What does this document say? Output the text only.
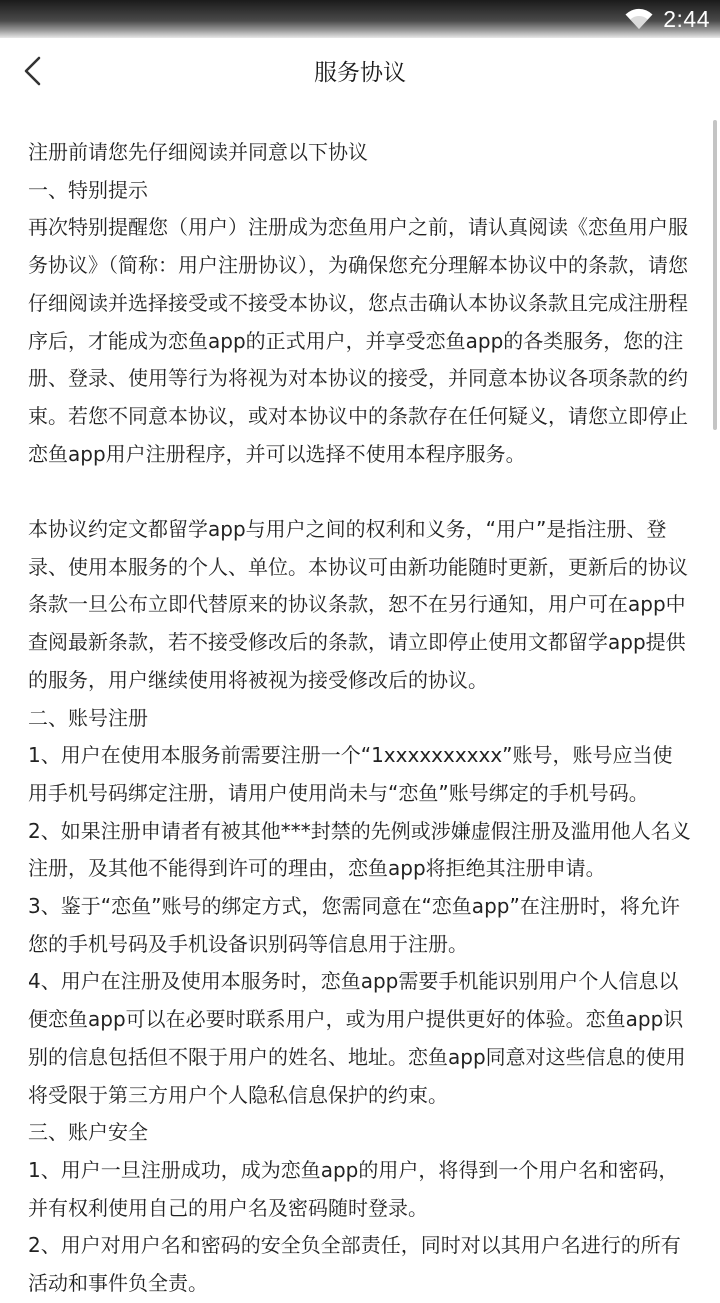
2:44
服务协议

注册前请您先仔细阅读并同意以下协议

一、特别提示

再次特别提醒您（用户）注册成为恋鱼用户之前，请认真阅读《恋鱼用户服务协议》（简称：用户注册协议），为确保您充分理解本协议中的条款，请您仔细阅读并选择接受或不接受本协议，您点击确认本协议条款且完成注册程序后，才能成为恋鱼app的正式用户，并享受恋鱼app的各类服务，您的注册、登录、使用等行为将视为对本协议的接受，并同意本协议各项条款的约束。若您不同意本协议，或对本协议中的条款存在任何疑义，请您立即停止恋鱼app用户注册程序，并可以选择不使用本程序服务。

本协议约定文都留学app与用户之间的权利和义务，“用户”是指注册、登录、使用本服务的个人、单位。本协议可由新功能随时更新，更新后的协议条款一旦公布立即代替原来的协议条款，恕不在另行通知，用户可在app中查阅最新条款，若不接受修改后的条款，请立即停止使用文都留学app提供的服务，用户继续使用将被视为接受修改后的协议。

二、账号注册

1、用户在使用本服务前需要注册一个“1xxxxxxxxxx”账号，账号应当使用手机号码绑定注册，请用户使用尚未与“恋鱼”账号绑定的手机号码。

2、如果注册申请者有被其他***封禁的先例或涉嫌虚假注册及滥用他人名义注册，及其他不能得到许可的理由，恋鱼app将拒绝其注册申请。

3、鉴于“恋鱼”账号的绑定方式，您需同意在“恋鱼app”在注册时，将允许您的手机号码及手机设备识别码等信息用于注册。

4、用户在注册及使用本服务时，恋鱼app需要手机能识别用户个人信息以便恋鱼app可以在必要时联系用户，或为用户提供更好的体验。恋鱼app识别的信息包括但不限于用户的姓名、地址。恋鱼app同意对这些信息的使用将受限于第三方用户个人隐私信息保护的约束。

三、账户安全

1、用户一旦注册成功，成为恋鱼app的用户，将得到一个用户名和密码，并有权利使用自己的用户名及密码随时登录。

2、用户对用户名和密码的安全负全部责任，同时对以其用户名进行的所有活动和事件负全责。
